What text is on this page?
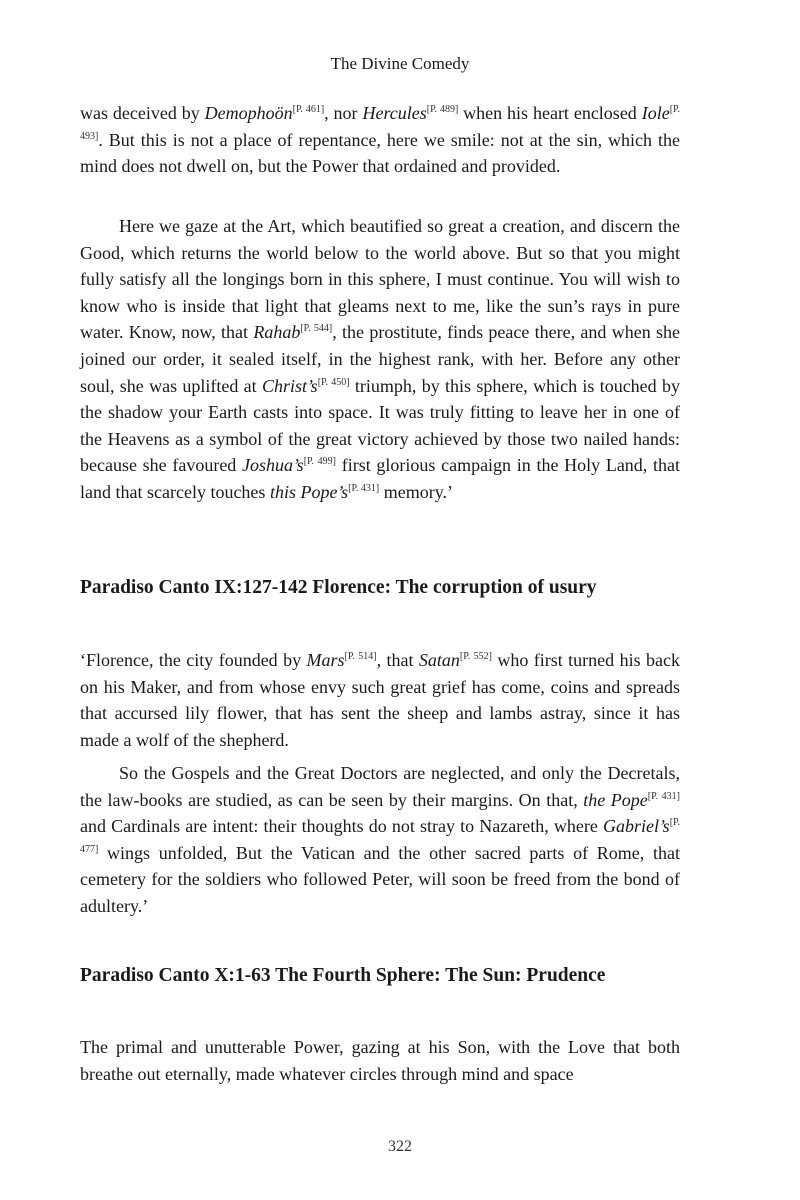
The Divine Comedy

was deceived by Demophoön[P. 461], nor Hercules[P. 489] when his heart enclosed Iole[P. 493]. But this is not a place of repentance, here we smile: not at the sin, which the mind does not dwell on, but the Power that ordained and provided.

Here we gaze at the Art, which beautified so great a creation, and discern the Good, which returns the world below to the world above. But so that you might fully satisfy all the longings born in this sphere, I must continue. You will wish to know who is inside that light that gleams next to me, like the sun’s rays in pure water. Know, now, that Rahab[P. 544], the prostitute, finds peace there, and when she joined our order, it sealed itself, in the highest rank, with her. Before any other soul, she was uplifted at Christ’s[P. 450] triumph, by this sphere, which is touched by the shadow your Earth casts into space. It was truly fitting to leave her in one of the Heavens as a symbol of the great victory achieved by those two nailed hands: because she favoured Joshua’s[P. 499] first glorious campaign in the Holy Land, that land that scarcely touches this Pope’s[P. 431] memory.’

Paradiso Canto IX:127-142 Florence: The corruption of usury

‘Florence, the city founded by Mars[P. 514], that Satan[P. 552] who first turned his back on his Maker, and from whose envy such great grief has come, coins and spreads that accursed lily flower, that has sent the sheep and lambs astray, since it has made a wolf of the shepherd.

So the Gospels and the Great Doctors are neglected, and only the Decretals, the law-books are studied, as can be seen by their margins. On that, the Pope[P. 431] and Cardinals are intent: their thoughts do not stray to Nazareth, where Gabriel’s[P. 477] wings unfolded, But the Vatican and the other sacred parts of Rome, that cemetery for the soldiers who followed Peter, will soon be freed from the bond of adultery.’

Paradiso Canto X:1-63 The Fourth Sphere: The Sun: Prudence

The primal and unutterable Power, gazing at his Son, with the Love that both breathe out eternally, made whatever circles through mind and space

322
